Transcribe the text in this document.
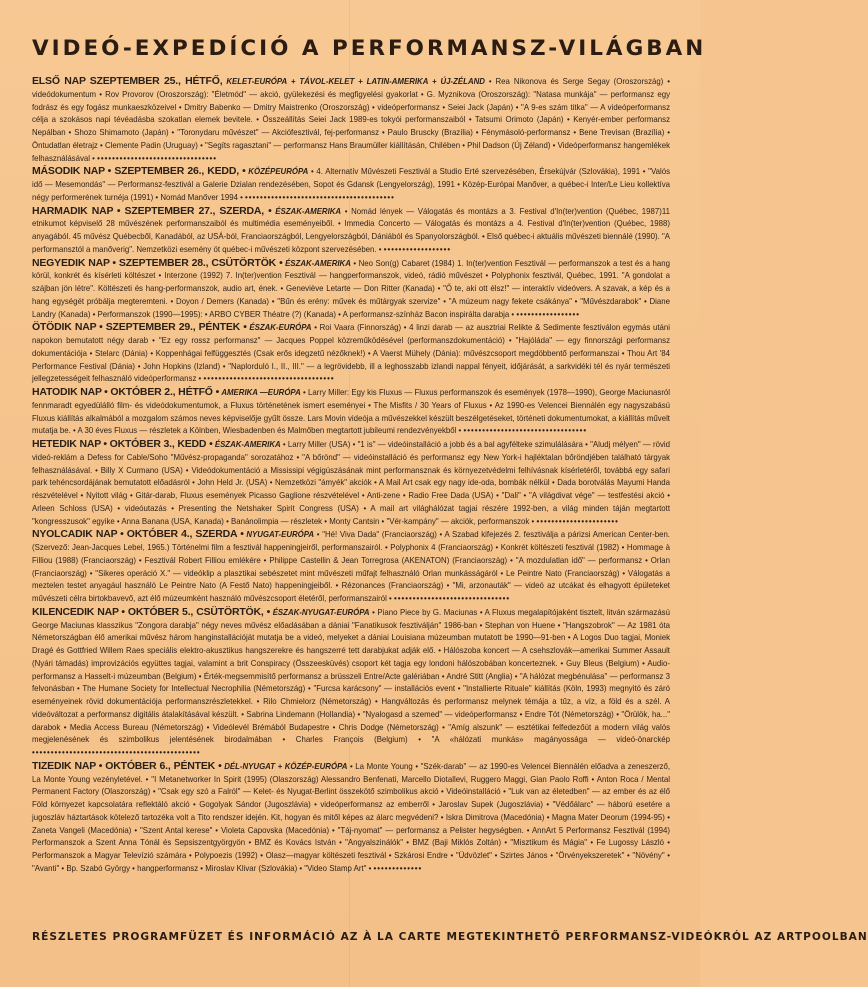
VIDEÓ-EXPEDÍCIÓ A PERFORMANSZ-VILÁGBAN

ELSŐ NAP SZEPTEMBER 25., HÉTFŐ, KELET-EURÓPA + TÁVOL-KELET + LATIN-AMERIKA + ÚJ-ZÉLAND • Rea Nikonova és Serge Segay (Oroszország) • videódokumentum • Rov Provorov (Oroszország): "Életmód" — akció, gyülekezési és megfigyelési gyakorlat • G. Myznikova (Oroszország): "Natasa munkája" — performansz egy fodrász és egy fogász munkaeszközeivel • Dmitry Babenko — Dmitry Maistrenko (Oroszország) • videóperformansz • Seiei Jack (Japán) • "A 9-es szám titka" — A videóperformansz célja a szokásos napi tévéadásba szokatlan elemek bevitele. • Összeállítás Seiei Jack 1989-es tokyói performanszaiból • Tatsumi Orimoto (Japán) • Kenyér-ember performansz Nepálban • Shozo Shimamoto (Japán) • "Toronydaru művészet" — Akciófesztivál, fej-performansz • Paulo Bruscky (Brazília) • Fénymásoló-performansz • Bene Trevisan (Brazília) • Öntudatlan életrajz • Clemente Padin (Uruguay) • "Segíts ragasztani" — performansz Hans Braumüller kiállításán, Chilében • Phil Dadson (Új Zéland) • Videóperformansz hangemlékek felhasználásával • ••••••••••••••••••••••••••••••••

MÁSODIK NAP • SZEPTEMBER 26., KEDD, • KÖZÉPEURÓPA • 4. Alternatív Művészeti Fesztivál a Studio Erté szervezésében, Érsekújvár (Szlovákia), 1991 • "Valós idő — Mesemondás" — Performansz-fesztivál a Galerie Dzialan rendezésében, Sopot és Gdansk (Lengyelország), 1991 • Közép-Európai Manőver, a québec-i Inter/Le Lieu kollektíva négy performerének turnéja (1991) • Nomád Manőver 1994 • ••••••••••••••••••••••••••••••••••••••••

HARMADIK NAP • SZEPTEMBER 27., SZERDA, • ÉSZAK-AMERIKA • Nomád lények — Válogatás és montázs a 3. Festival d'In(ter)vention (Québec, 1987)11 etnikumot képviselő 28 művészének performanszaiból és multimédia eseményeiből. • Immedia Concerto — Válogatás és montázs a 4. Festival d'In(ter)vention (Québec, 1988) anyagából. 45 művész Québecből, Kanadából, az USÁ-ból, Franciaországból, Lengyelországból, Dániából és Spanyolországból. • Első québec-i aktuális művészeti biennálé (1990). "A performansztól a manőverig". Nemzetközi esemény öt québec-i művészeti központ szervezésében. • ••••••••••••••••••

NEGYEDIK NAP • SZEPTEMBER 28., CSÜTÖRTÖK • ÉSZAK-AMERIKA • Neo Son(g) Cabaret (1984) 1. In(ter)vention Fesztivál — performanszok a test és a hang körül, konkrét és kísérleti költészet • Interzone (1992) 7. In(ter)vention Fesztivál — hangperformanszok, videó, rádió művészet • Polyphonix fesztivál, Québec, 1991. "A gondolat a szájban jön létre". Költészeti és hang-performanszok, audio art, ének. • Geneviève Letarte — Don Ritter (Kanada) • "Ő te, aki ott élsz!" — interaktív videóvers. A szavak, a kép és a hang egységét próbálja megteremteni. • Doyon / Demers (Kanada) • "Bűn és erény: művek és műtárgyak szervize" • "A múzeum nagy fekete csákánya" • "Művészdarabok" • Diane Landry (Kanada) • Performanszok (1990—1995): • ARBO CYBER Théatre (?) (Kanada) • A performansz-színház Bacon inspirálta darabja • •••••••••••••••••

ÖTÖDIK NAP • SZEPTEMBER 29., PÉNTEK • ÉSZAK-EURÓPA • Roi Vaara (Finnország) • 4 linzi darab — az ausztriai Relikte & Sedimente fesztiválon egymás utáni napokon bemutatott négy darab • "Ez egy rossz performansz" — Jacques Poppel közreműködésével (performanszdokumentáció) • "Hajóláda" — egy finnországi performansz dokumentációja • Stelarc (Dánia) • Koppenhágai felfüggesztés (Csak erős idegzetű nézőknek!) • A Vaerst Mühely (Dánia): művészcsoport megdöbbentő performanszai • Thou Art '84 Performance Festival (Dánia) • John Hopkins (Izland) • "Naplorduló I., II., III." — a legrövidebb, ill a leghosszabb izlandi nappal fényeit, időjárását, a sarkvidéki tél és nyár természeti jellegzetességeit felhasználó videóperformansz • •••••••••••••••••••••••••••••••••••

HATODIK NAP • OKTÓBER 2., HÉTFŐ • AMERIKA —EURÓPA • Larry Miller: Egy kis Fluxus — Fluxus performanszok és események (1978—1990), George Maciunasról fennmaradt egyedülálló film- és videódokumentumok, a Fluxus történetének ismert eseményei • The Misfits / 30 Years of Fluxus • Az 1990-es Velencei Biennálén egy nagyszabású Fluxus kiállítás alkalmából a mozgalom számos neves képviselője gyűlt össze. Lars Movin videója a művészekkel készült beszélgetéseket, történeti dokumentumokat, a kiállítás művelt mutatja be. • A 30 éves Fluxus — részletek a Kölnben, Wiesbadenben és Malmőben megtartott jubileumi rendezvényekből • •••••••••••••••••••••••••••••••••

HETEDIK NAP • OKTÓBER 3., KEDD • ÉSZAK-AMERIKA • Larry Miller (USA) • "1 is" — videóinstalláció a jobb és a bal agyféltekе szimulálására • "Aludj mélyen" — rövid videó-reklám a Defess for Cable/Soho "Művész-propaganda" sorozatához • "A bőrönd" — videóinstalláció és performansz egy New York-i hajléktalan bőröndjében található tárgyak felhasználásával. • Billy X Curmano (USA) • Videódokumentáció a Mississipi végigúszásának mint performansznak és környezetvédelmi felhívásnak kísérletéről, továbbá egy safari park tehéncsordájának bemutatott előadásról • John Held Jr. (USA) • Nemzetközi "ámyék" akciók • A Mail Art csak egy nagy ide-oda, bombák nélkül • Dada borotválás Mayumi Handa részvételével • Nyitott világ • Gitár-darab, Fluxus események Picasso Gaglione részvételével • Anti-zene • Radio Free Dada (USA) • "Dali" • "A világdivat vége" — testfestési akció • Arleen Schloss (USA) • videóutazás • Presenting the Netshaker Spirit Congress (USA) • A mail art világhálózat tagjai részére 1992-ben, a világ minden táján megtartott "kongresszusok" egyike • Anna Banana (USA, Kanada) • Banánolimpia — részletek • Monty Cantsin • "Vér-kampány" — akciók, performanszok • ••••••••••••••••••••••

NYOLCADIK NAP • OKTÓBER 4., SZERDA • NYUGAT-EURÓPA • "Hé! Viva Dada" (Franciaország) • A Szabad kifejezés 2. fesztiválja a párizsi American Center-ben. (Szervező: Jean-Jacques Lebel, 1965.) Történelmi film a fesztivál happeningjeiről, performanszairól. • Polyphonix 4 (Franciaország) • Konkrét költészeti fesztivál (1982) • Hommage à Filliou (1988) (Franciaország) • Fesztivál Robert Filliou emlékére • Philippe Castellin & Jean Torregrosa (AKENATON) (Franciaország) • "A mozdulatlan idő" — performansz • Orlan (Franciaország) • "Sikeres operáció X." — videóklip a plasztikai sebészetet mint művészeti műfajt felhasználó Orlan munkásságáról • Le Peintre Nato (Franciaország) • Válogatás a meztelen testet anyagául használó Le Peintre Nato (A Festő Nato) happeningjeiből. • Rézonances (Franciaország) • "Mi, arzonauták" — videó az utcákat és elhagyott épületeket művészeti célra birtokbavevő, azt élő múzeumként használó művészcsoport életéről, performanszairól • •••••••••••••••••••••••••••••••

KILENCEDIK NAP • OKTÓBER 5., CSÜTÖRTÖK, • ÉSZAK-NYUGAT-EURÓPA • Piano Piece by G. Maciunas • A Fluxus megalapítójaként tisztelt, litván származású George Maciunas klasszikus "Zongora darabja" négy neves művész előadásában a dániai "Fanatikusok fesztiválján" 1986-ban • Stephan von Huene • "Hangszobrok" — Az 1981 óta Németországban élő amerikai művész három hanginstallációját mutatja be a videó, melyeket a dániai Louisiana múzeumban mutatott be 1990—91-ben • A Logos Duo tagjai, Moniek Dragé és Gottfried Willem Raes speciális elektro-akusztikus hangszerekre és hangszerré tett darabjukat adják elő. • Hálószoba koncert — A csehszlovák—amerikai Summer Assault (Nyári támadás) improvizációs együttes tagjai, valamint a brit Conspiracy (Összeesküvés) csoport két tagja egy londoni hálószobában koncerteznek. • Guy Bleus (Belgium) • Audio-performansz a Hasselt-i múzeumban (Belgium) • Érték-megsemmisítő performansz a brüsszeli Entre/Acte galériában • André Stitt (Anglia) • "A hálózat megbénulása" — performansz 3 felvonásban • The Humane Society for Intellectual Necrophilia (Németország) • "Furcsa karácsony" — installációs event • "Installierte Rituale" kiállítás (Köln, 1993) megnyitó és záró eseményeinek rövid dokumentációja performanszrészletekkel. • Rilo Chmielorz (Németország) • Hangváltozás és performansz melynek témája a tűz, a víz, a föld és a szél. A videóváltozat a performansz digitális átalakításával készült. • Sabrina Lindemann (Hollandia) • "Nyalogasd a szemed" — videóperformansz • Endre Tót (Németország) • "Örülök, ha..." darabok • Media Access Bureau (Németország) • Videólevél Brémából Budapestre • Chris Dodge (Németország) • "Amíg alszunk" — esztétikai felfedezőút a modern világ valós megjelenésének és szimbolikus jelentésének birodalmában • Charles François (Belgium) • "A «hálózati munkás» magányossága — videó-önarckép •••••••••••••••••••••••••••••••••••••••••••••

TIZEDIK NAP • OKTÓBER 6., PÉNTEK • DÉL-NYUGAT + KÖZÉP-EURÓPA • La Monte Young • "Szék-darab" — az 1990-es Velencei Biennálén előadva a zeneszerző, La Monte Young vezényletével. • "I Metanetworker In Spirit (1995) (Olaszország) Alessandro Benfenati, Marcello Diotallevi, Ruggero Maggi, Gian Paolo Roffi • Anton Roca / Mental Permanent Factory (Olaszország) • "Csak egy szó a Falról" — Kelet- és Nyugat-Berlint összekötő szimbolikus akció • Videóinstalláció • "Luk van az életedben" — az ember és az élő Föld környezet kapcsolatára reflektáló akció • Gogolyak Sándor (Jugoszlávia) • videóperformansz az emberről • Jaroslav Supek (Jugoszlávia) • "Védőálarc" — háború esetére a jugoszláv háztartások kötelező tartozéka volt a Tito rendszer idején. Kit, hogyan és mitől képes az álarc megvédeni? • Iskra Dimitrova (Macedónia) • Magna Mater Deorum (1994-95) • Zaneta Vangeli (Macedónia) • "Szent Antal kerese" • Violeta Capovska (Macedónia) • "Táj-nyomat" — performansz a Pelister hegységben. • AnnArt 5 Performansz Fesztivál (1994) Performanszok a Szent Anna Tónál és Sepsiszentgyörgyön • BMZ és Kovács István • "Angyalszinálók" • BMZ (Baji Miklós Zoltán) • "Misztikum és Mágia" • Fe Lugossy László • Performanszok a Magyar Televízió számára • Polypoezis (1992) • Olasz—magyar költészeti fesztivál • Szkárosi Endre • "Üdvözlet" • Szirtes János • "Örvényekszeretek" • "Növény" • "Avanti" • Bp. Szabó György • hangperformansz • Miroslav Klivar (Szlovákia) • "Video Stamp Art" • •••••••••••••

RÉSZLETES PROGRAMFÜZET ÉS INFORMÁCIÓ AZ À LA CARTE MEGTEKINTHETŐ PERFORMANSZ-VIDEÓKRÓL AZ ARTPOOLBAN
